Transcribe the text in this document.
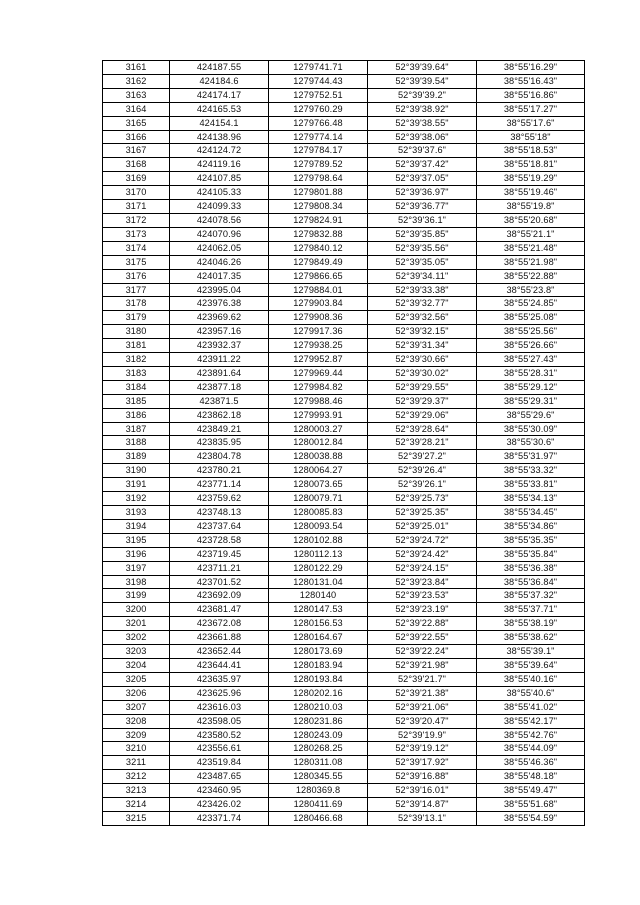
3161	424187.55	1279741.71	52°39'39.64"	38°55'16.29"
3162	424184.6	1279744.43	52°39'39.54"	38°55'16.43"
3163	424174.17	1279752.51	52°39'39.2"	38°55'16.86"
3164	424165.53	1279760.29	52°39'38.92"	38°55'17.27"
3165	424154.1	1279766.48	52°39'38.55"	38°55'17.6"
3166	424138.96	1279774.14	52°39'38.06"	38°55'18"
3167	424124.72	1279784.17	52°39'37.6"	38°55'18.53"
3168	424119.16	1279789.52	52°39'37.42"	38°55'18.81"
3169	424107.85	1279798.64	52°39'37.05"	38°55'19.29"
3170	424105.33	1279801.88	52°39'36.97"	38°55'19.46"
3171	424099.33	1279808.34	52°39'36.77"	38°55'19.8"
3172	424078.56	1279824.91	52°39'36.1"	38°55'20.68"
3173	424070.96	1279832.88	52°39'35.85"	38°55'21.1"
3174	424062.05	1279840.12	52°39'35.56"	38°55'21.48"
3175	424046.26	1279849.49	52°39'35.05"	38°55'21.98"
3176	424017.35	1279866.65	52°39'34.11"	38°55'22.88"
3177	423995.04	1279884.01	52°39'33.38"	38°55'23.8"
3178	423976.38	1279903.84	52°39'32.77"	38°55'24.85"
3179	423969.62	1279908.36	52°39'32.56"	38°55'25.08"
3180	423957.16	1279917.36	52°39'32.15"	38°55'25.56"
3181	423932.37	1279938.25	52°39'31.34"	38°55'26.66"
3182	423911.22	1279952.87	52°39'30.66"	38°55'27.43"
3183	423891.64	1279969.44	52°39'30.02"	38°55'28.31"
3184	423877.18	1279984.82	52°39'29.55"	38°55'29.12"
3185	423871.5	1279988.46	52°39'29.37"	38°55'29.31"
3186	423862.18	1279993.91	52°39'29.06"	38°55'29.6"
3187	423849.21	1280003.27	52°39'28.64"	38°55'30.09"
3188	423835.95	1280012.84	52°39'28.21"	38°55'30.6"
3189	423804.78	1280038.88	52°39'27.2"	38°55'31.97"
3190	423780.21	1280064.27	52°39'26.4"	38°55'33.32"
3191	423771.14	1280073.65	52°39'26.1"	38°55'33.81"
3192	423759.62	1280079.71	52°39'25.73"	38°55'34.13"
3193	423748.13	1280085.83	52°39'25.35"	38°55'34.45"
3194	423737.64	1280093.54	52°39'25.01"	38°55'34.86"
3195	423728.58	1280102.88	52°39'24.72"	38°55'35.35"
3196	423719.45	1280112.13	52°39'24.42"	38°55'35.84"
3197	423711.21	1280122.29	52°39'24.15"	38°55'36.38"
3198	423701.52	1280131.04	52°39'23.84"	38°55'36.84"
3199	423692.09	1280140	52°39'23.53"	38°55'37.32"
3200	423681.47	1280147.53	52°39'23.19"	38°55'37.71"
3201	423672.08	1280156.53	52°39'22.88"	38°55'38.19"
3202	423661.88	1280164.67	52°39'22.55"	38°55'38.62"
3203	423652.44	1280173.69	52°39'22.24"	38°55'39.1"
3204	423644.41	1280183.94	52°39'21.98"	38°55'39.64"
3205	423635.97	1280193.84	52°39'21.7"	38°55'40.16"
3206	423625.96	1280202.16	52°39'21.38"	38°55'40.6"
3207	423616.03	1280210.03	52°39'21.06"	38°55'41.02"
3208	423598.05	1280231.86	52°39'20.47"	38°55'42.17"
3209	423580.52	1280243.09	52°39'19.9"	38°55'42.76"
3210	423556.61	1280268.25	52°39'19.12"	38°55'44.09"
3211	423519.84	1280311.08	52°39'17.92"	38°55'46.36"
3212	423487.65	1280345.55	52°39'16.88"	38°55'48.18"
3213	423460.95	1280369.8	52°39'16.01"	38°55'49.47"
3214	423426.02	1280411.69	52°39'14.87"	38°55'51.68"
3215	423371.74	1280466.68	52°39'13.1"	38°55'54.59"
